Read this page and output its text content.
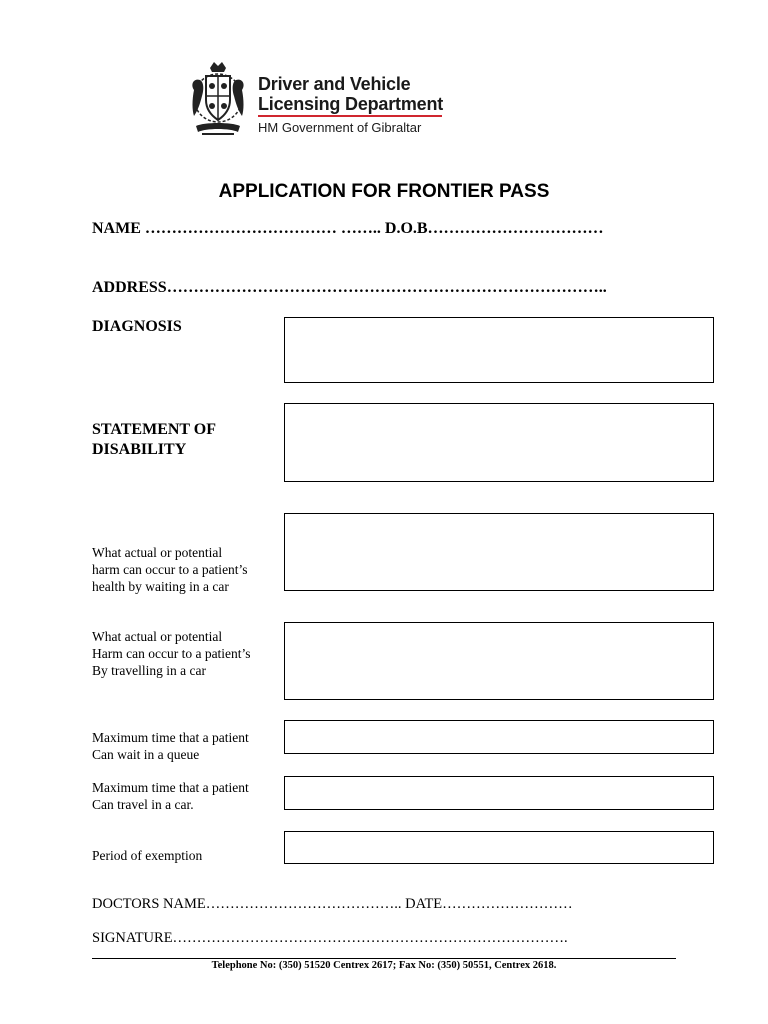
Driver and Vehicle
Licensing Department
HM Government of Gibraltar
APPLICATION FOR FRONTIER PASS
NAME ……………………………… …….. D.O.B……………………………
ADDRESS………………………………………………………………………..
DIAGNOSIS
STATEMENT OF
DISABILITY
What actual or potential
harm can occur to a patient’s
health by waiting in a car
What actual or potential
Harm can occur to a patient’s
By travelling in a car
Maximum time that a patient
Can wait in a queue
Maximum time that a patient
Can travel in a car.
Period of exemption
DOCTORS NAME………………………………….. DATE………………………
SIGNATURE……………………………………………………………………….
Telephone No: (350) 51520 Centrex 2617; Fax No: (350) 50551, Centrex 2618.
